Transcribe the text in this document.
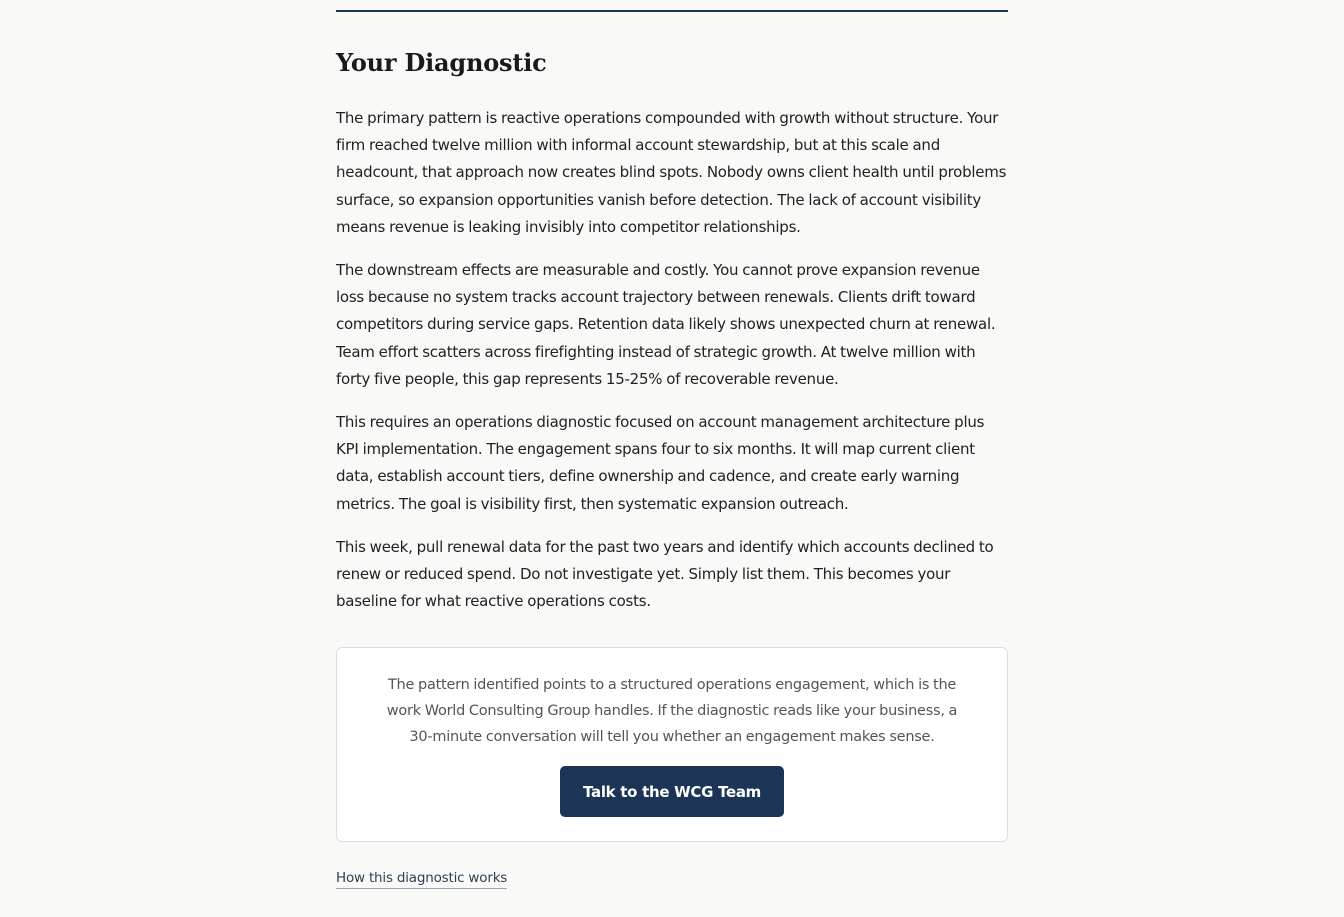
Your Diagnostic

The primary pattern is reactive operations compounded with growth without structure. Your firm reached twelve million with informal account stewardship, but at this scale and headcount, that approach now creates blind spots. Nobody owns client health until problems surface, so expansion opportunities vanish before detection. The lack of account visibility means revenue is leaking invisibly into competitor relationships.

The downstream effects are measurable and costly. You cannot prove expansion revenue loss because no system tracks account trajectory between renewals. Clients drift toward competitors during service gaps. Retention data likely shows unexpected churn at renewal. Team effort scatters across firefighting instead of strategic growth. At twelve million with forty five people, this gap represents 15-25% of recoverable revenue.

This requires an operations diagnostic focused on account management architecture plus KPI implementation. The engagement spans four to six months. It will map current client data, establish account tiers, define ownership and cadence, and create early warning metrics. The goal is visibility first, then systematic expansion outreach.

This week, pull renewal data for the past two years and identify which accounts declined to renew or reduced spend. Do not investigate yet. Simply list them. This becomes your baseline for what reactive operations costs.

The pattern identified points to a structured operations engagement, which is the work World Consulting Group handles. If the diagnostic reads like your business, a 30-minute conversation will tell you whether an engagement makes sense.

Talk to the WCG Team
How this diagnostic works
